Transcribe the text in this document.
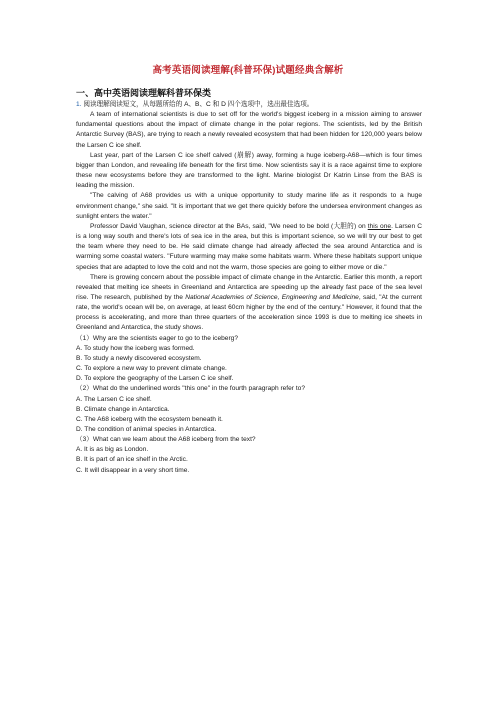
高考英语阅读理解(科普环保)试题经典含解析
一、高中英语阅读理解科普环保类

1. 阅读理解阅读短文，从每题所给的 A、B、C 和 D 四个选项中，选出最佳选项。

A team of international scientists is due to set off for the world's biggest iceberg in a mission aiming to answer fundamental questions about the impact of climate change in the polar regions. The scientists, led by the British Antarctic Survey (BAS), are trying to reach a newly revealed ecosystem that had been hidden for 120,000 years below the Larsen C ice shelf.

Last year, part of the Larsen C ice shelf calved (崩解) away, forming a huge iceberg-A68—which is four times bigger than London, and revealing life beneath for the first time. Now scientists say it is a race against time to explore these new ecosystems before they are transformed to the light. Marine biologist Dr Katrin Linse from the BAS is leading the mission.

"The calving of A68 provides us with a unique opportunity to study marine life as it responds to a huge environment change," she said. "It is important that we get there quickly before the undersea environment changes as sunlight enters the water."

Professor David Vaughan, science director at the BAs, said, "We need to be bold (大胆的) on this one. Larsen C is a long way south and there's lots of sea ice in the area, but this is important science, so we will try our best to get the team where they need to be. He said climate change had already affected the sea around Antarctica and is warming some coastal waters. "Future warming may make some habitats warm. Where these habitats support unique species that are adapted to love the cold and not the warm, those species are going to either move or die."

There is growing concern about the possible impact of climate change in the Antarctic. Earlier this month, a report revealed that melting ice sheets in Greenland and Antarctica are speeding up the already fast pace of the sea level rise. The research, published by the National Academies of Science, Engineering and Medicine, said, "At the current rate, the world's ocean will be, on average, at least 60cm higher by the end of the century." However, it found that the process is accelerating, and more than three quarters of the acceleration since 1993 is due to melting ice sheets in Greenland and Antarctica, the study shows.

（1）Why are the scientists eager to go to the iceberg?

A. To study how the iceberg was formed.

B. To study a newly discovered ecosystem.

C. To explore a new way to prevent climate change.

D. To explore the geography of the Larsen C ice shelf.

（2）What do the underlined words "this one" in the fourth paragraph refer to?

A. The Larsen C ice shelf.

B. Climate change in Antarctica.

C. The A68 iceberg with the ecosystem beneath it.

D. The condition of animal species in Antarctica.

（3）What can we learn about the A68 iceberg from the text?

A. It is as big as London.

B. It is part of an ice shelf in the Arctic.

C. It will disappear in a very short time.
